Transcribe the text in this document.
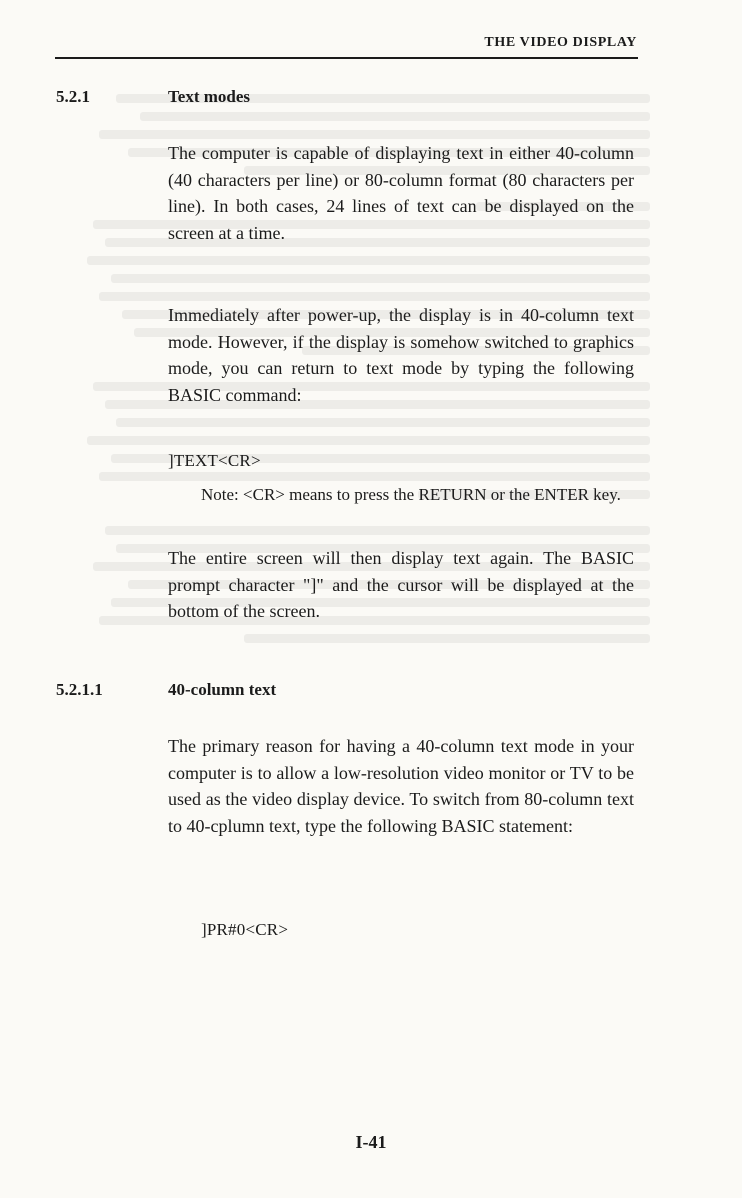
THE VIDEO DISPLAY
5.2.1	Text modes

The computer is capable of displaying text in either 40-column (40 characters per line) or 80-column format (80 characters per line). In both cases, 24 lines of text can be displayed on the screen at a time.

Immediately after power-up, the display is in 40-column text mode. However, if the display is somehow switched to graphics mode, you can return to text mode by typing the following BASIC command:

]TEXT<CR>

Note: <CR> means to press the RETURN or the ENTER key.

The entire screen will then display text again. The BASIC prompt character "]" and the cursor will be displayed at the bottom of the screen.

5.2.1.1	40-column text

The primary reason for having a 40-column text mode in your computer is to allow a low-resolution video monitor or TV to be used as the video display device. To switch from 80-column text to 40-cplumn text, type the following BASIC statement:

]PR#0<CR>
I-41
